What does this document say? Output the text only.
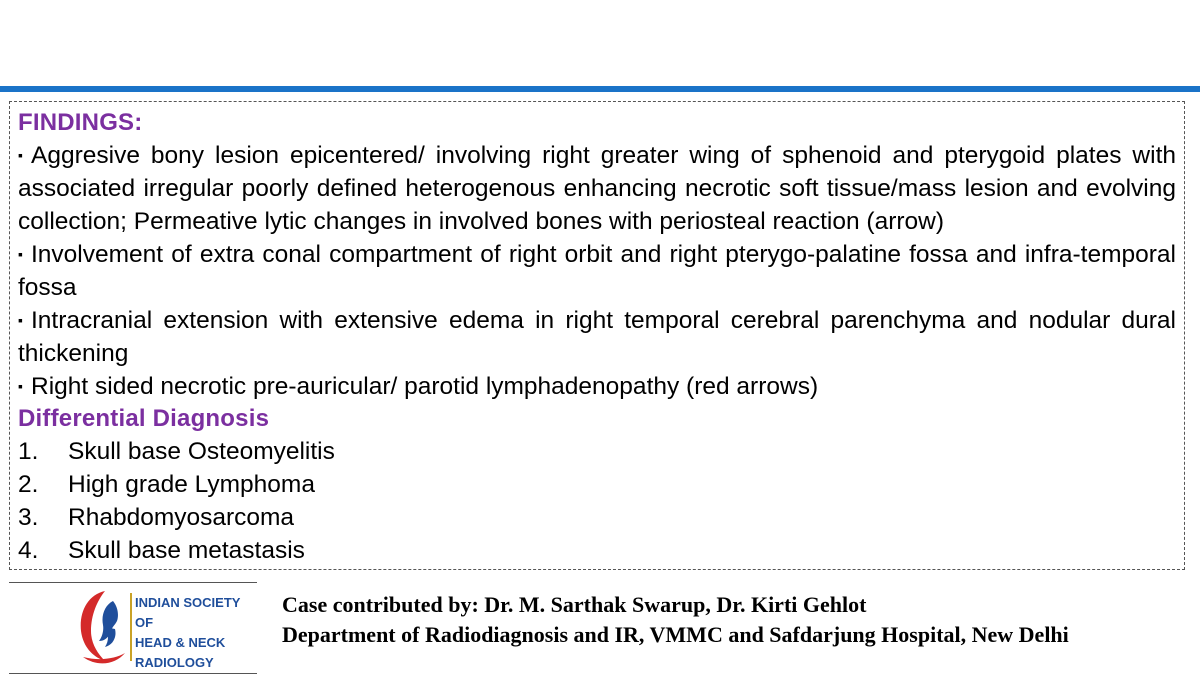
FINDINGS:

▪ Aggresive bony lesion epicentered/ involving right greater wing of sphenoid and pterygoid plates with associated irregular poorly defined heterogenous enhancing necrotic soft tissue/mass lesion and evolving collection; Permeative lytic changes in involved bones with periosteal reaction (arrow)

▪ Involvement of extra conal compartment of right orbit and right pterygo-palatine fossa and infra-temporal fossa

▪ Intracranial extension with extensive edema in right temporal cerebral parenchyma and nodular dural thickening

▪ Right sided necrotic pre-auricular/ parotid lymphadenopathy (red arrows)

Differential Diagnosis
1.	Skull base Osteomyelitis
2.	High grade Lymphoma
3.	Rhabdomyosarcoma
4.	Skull base metastasis
INDIAN SOCIETY OF
HEAD & NECK
RADIOLOGY
Case contributed by: Dr. M. Sarthak Swarup, Dr. Kirti Gehlot
Department of Radiodiagnosis and IR, VMMC and Safdarjung Hospital, New Delhi
